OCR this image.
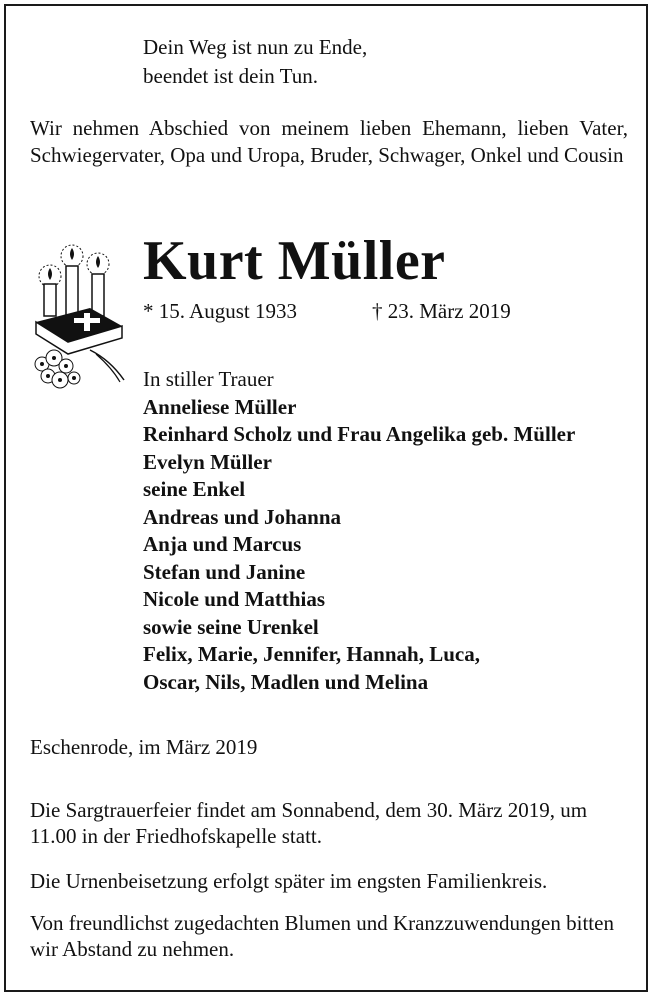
Dein Weg ist nun zu Ende,
beendet ist dein Tun.
Wir nehmen Abschied von meinem lieben Ehemann, lieben Vater, Schwiegervater, Opa und Uropa, Bruder, Schwager, Onkel und Cousin
Kurt Müller
* 15. August 1933	† 23. März 2019
In stiller Trauer
Anneliese Müller
Reinhard Scholz und Frau Angelika geb. Müller
Evelyn Müller
seine Enkel
Andreas und Johanna
Anja und Marcus
Stefan und Janine
Nicole und Matthias
sowie seine Urenkel
Felix, Marie, Jennifer, Hannah, Luca,
Oscar, Nils, Madlen und Melina
Eschenrode, im März 2019
Die Sargtrauerfeier findet am Sonnabend, dem 30. März 2019, um 11.00 in der Friedhofskapelle statt.
Die Urnenbeisetzung erfolgt später im engsten Familienkreis.
Von freundlichst zugedachten Blumen und Kranzzuwendungen bitten wir Abstand zu nehmen.
